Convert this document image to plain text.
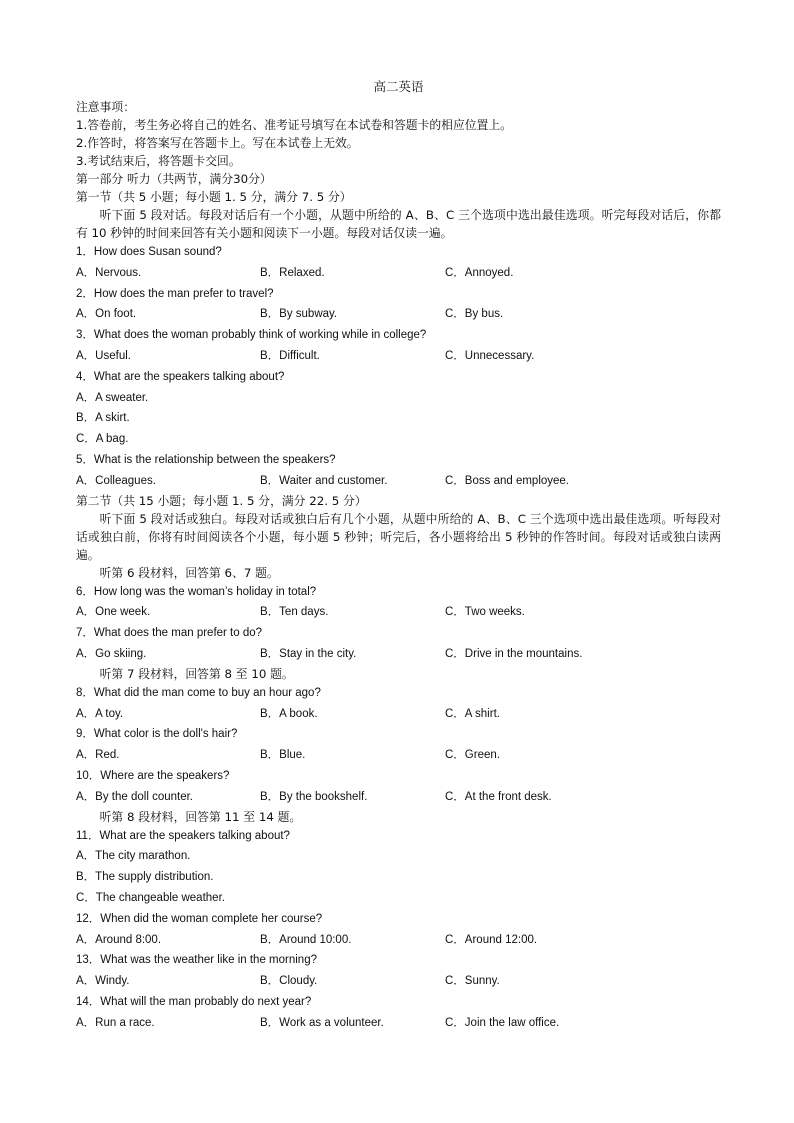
高二英语
注意事项：
1.答卷前，考生务必将自己的姓名、准考证号填写在本试卷和答题卡的相应位置上。
2.作答时，将答案写在答题卡上。写在本试卷上无效。
3.考试结束后，将答题卡交回。
第一部分 听力（共两节，满分30分）
第一节（共 5 小题；每小题 1. 5 分，满分 7. 5 分）
听下面 5 段对话。每段对话后有一个小题，从题中所给的 A、B、C 三个选项中选出最佳选项。听完每段对话后，你都有 10 秒钟的时间来回答有关小题和阅读下一小题。每段对话仅读一遍。
1．How does Susan sound?
A．Nervous.	B．Relaxed.	C．Annoyed.
2．How does the man prefer to travel?
A．On foot.	B．By subway.	C．By bus.
3．What does the woman probably think of working while in college?
A．Useful.	B．Difficult.	C．Unnecessary.
4．What are the speakers talking about?
A．A sweater.
B．A skirt.
C．A bag.
5．What is the relationship between the speakers?
A．Colleagues.	B．Waiter and customer.	C．Boss and employee.
第二节（共 15 小题；每小题 1. 5 分，满分 22. 5 分）
听下面 5 段对话或独白。每段对话或独白后有几个小题，从题中所给的 A、B、C 三个选项中选出最佳选项。听每段对话或独白前，你将有时间阅读各个小题，每小题 5 秒钟；听完后，各小题将给出 5 秒钟的作答时间。每段对话或独白读两遍。
听第 6 段材料，回答第 6、7 题。
6．How long was the woman’s holiday in total?
A．One week.	B．Ten days.	C．Two weeks.
7．What does the man prefer to do?
A．Go skiing.	B．Stay in the city.	C．Drive in the mountains.
听第 7 段材料，回答第 8 至 10 题。
8．What did the man come to buy an hour ago?
A．A toy.	B．A book.	C．A shirt.
9．What color is the doll's hair?
A．Red.	B．Blue.	C．Green.
10．Where are the speakers?
A．By the doll counter.	B．By the bookshelf.	C．At the front desk.
听第 8 段材料，回答第 11 至 14 题。
11．What are the speakers talking about?
A．The city marathon.
B．The supply distribution.
C．The changeable weather.
12．When did the woman complete her course?
A．Around 8:00.	B．Around 10:00.	C．Around 12:00.
13．What was the weather like in the morning?
A．Windy.	B．Cloudy.	C．Sunny.
14．What will the man probably do next year?
A．Run a race.	B．Work as a volunteer.	C．Join the law office.
